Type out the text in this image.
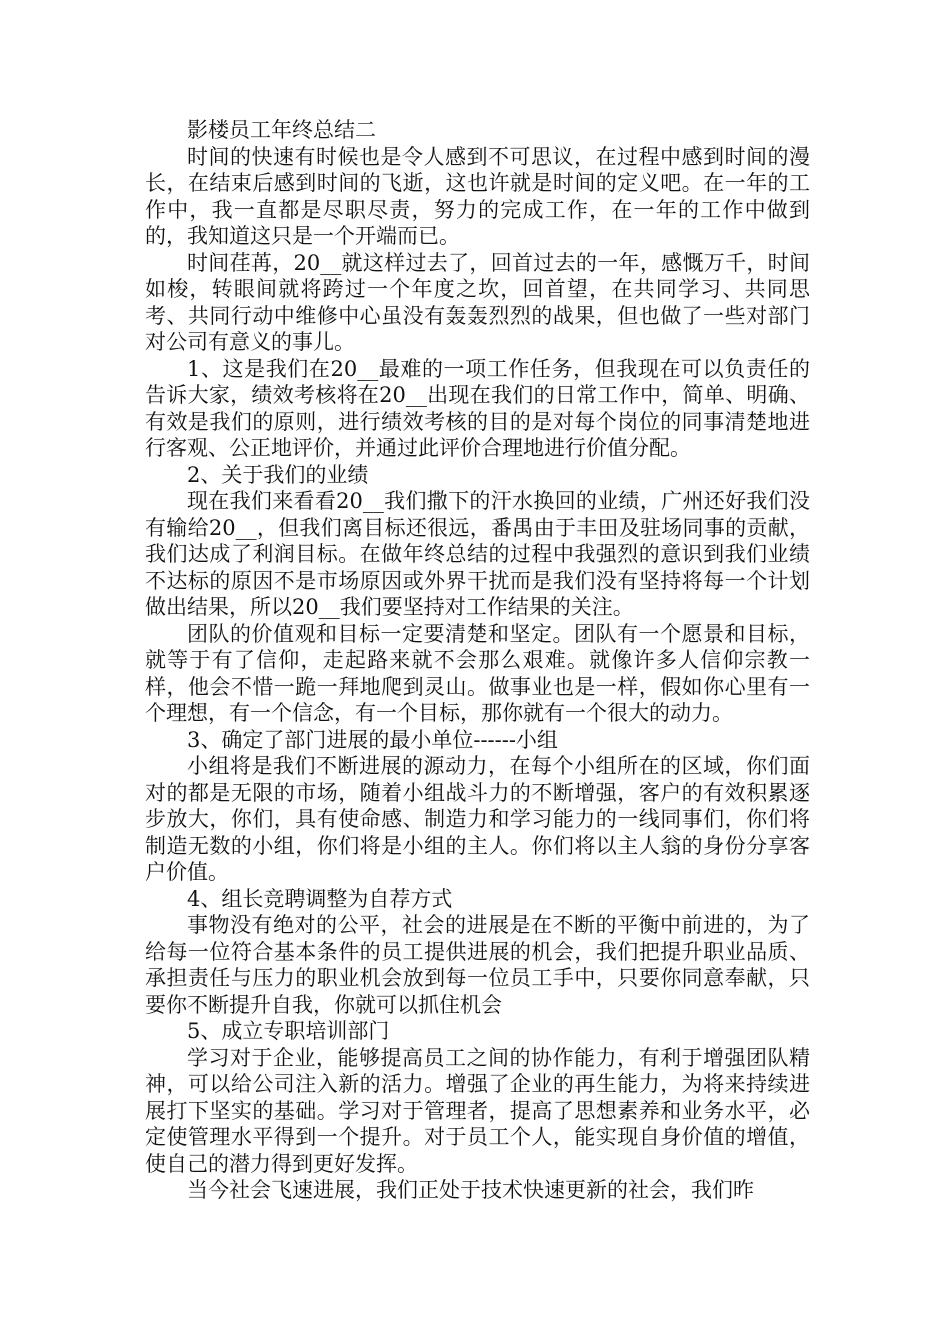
影楼员工年终总结二

时间的快速有时候也是令人感到不可思议，在过程中感到时间的漫长，在结束后感到时间的飞逝，这也许就是时间的定义吧。在一年的工作中，我一直都是尽职尽责，努力的完成工作，在一年的工作中做到的，我知道这只是一个开端而已。

时间荏苒，20__就这样过去了，回首过去的一年，感慨万千，时间如梭，转眼间就将跨过一个年度之坎，回首望，在共同学习、共同思考、共同行动中维修中心虽没有轰轰烈烈的战果，但也做了一些对部门对公司有意义的事儿。

1、这是我们在20__最难的一项工作任务，但我现在可以负责任的告诉大家，绩效考核将在20__出现在我们的日常工作中，简单、明确、有效是我们的原则，进行绩效考核的目的是对每个岗位的同事清楚地进行客观、公正地评价，并通过此评价合理地进行价值分配。

2、关于我们的业绩

现在我们来看看20__我们撒下的汗水换回的业绩，广州还好我们没有输给20__，但我们离目标还很远，番禺由于丰田及驻场同事的贡献，我们达成了利润目标。在做年终总结的过程中我强烈的意识到我们业绩不达标的原因不是市场原因或外界干扰而是我们没有坚持将每一个计划做出结果，所以20__我们要坚持对工作结果的关注。

团队的价值观和目标一定要清楚和坚定。团队有一个愿景和目标，就等于有了信仰，走起路来就不会那么艰难。就像许多人信仰宗教一样，他会不惜一跪一拜地爬到灵山。做事业也是一样，假如你心里有一个理想，有一个信念，有一个目标，那你就有一个很大的动力。

3、确定了部门进展的最小单位------小组

小组将是我们不断进展的源动力，在每个小组所在的区域，你们面对的都是无限的市场，随着小组战斗力的不断增强，客户的有效积累逐步放大，你们，具有使命感、制造力和学习能力的一线同事们，你们将制造无数的小组，你们将是小组的主人。你们将以主人翁的身份分享客户价值。

4、组长竞聘调整为自荐方式

事物没有绝对的公平，社会的进展是在不断的平衡中前进的，为了给每一位符合基本条件的员工提供进展的机会，我们把提升职业品质、承担责任与压力的职业机会放到每一位员工手中，只要你同意奉献，只要你不断提升自我，你就可以抓住机会

5、成立专职培训部门

学习对于企业，能够提高员工之间的协作能力，有利于增强团队精神，可以给公司注入新的活力。增强了企业的再生能力，为将来持续进展打下坚实的基础。学习对于管理者，提高了思想素养和业务水平，必定使管理水平得到一个提升。对于员工个人，能实现自身价值的增值，使自己的潜力得到更好发挥。

当今社会飞速进展，我们正处于技术快速更新的社会，我们昨
